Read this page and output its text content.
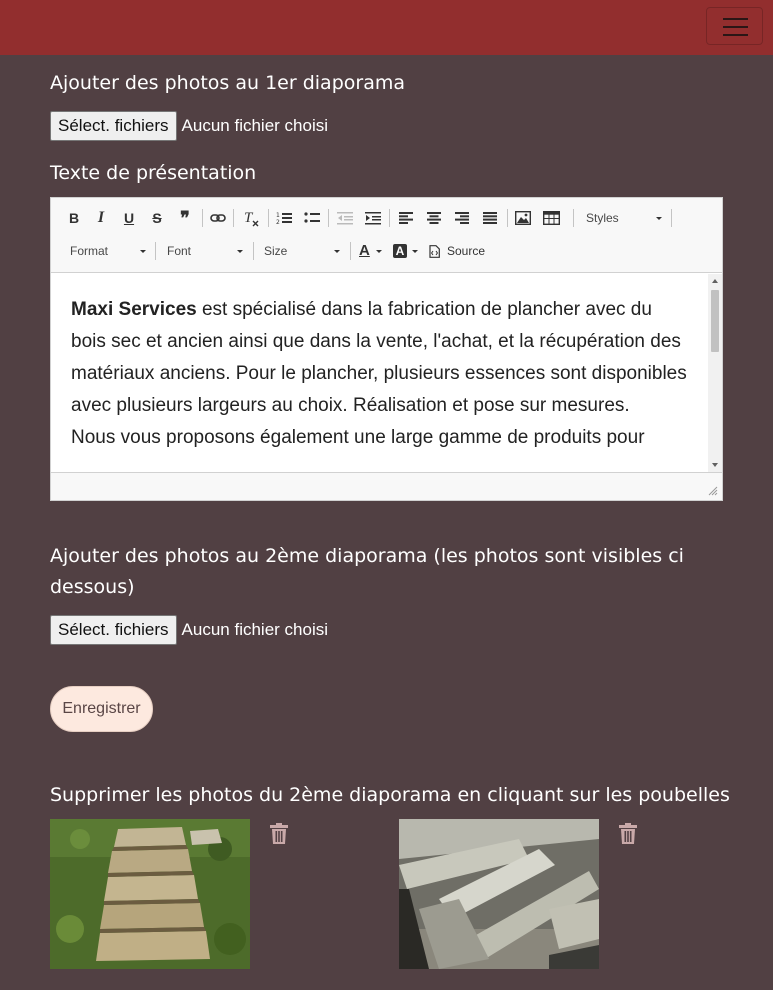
Ajouter des photos au 1er diaporama
Sélect. fichiers Aucun fichier choisi
Texte de présentation
B	I	U	S ❞	T	1
2	Styles
Format	Font	Size	A	A	Source

Maxi Services est spécialisé dans la fabrication de plancher avec du bois sec et ancien ainsi que dans la vente, l'achat, et la récupération des matériaux anciens. Pour le plancher, plusieurs essences sont disponibles avec plusieurs largeurs au choix. Réalisation et pose sur mesures.

Nous vous proposons également une large gamme de produits pour

Ajouter des photos au 2ème diaporama (les photos sont visibles ci dessous)
Sélect. fichiers Aucun fichier choisi
Enregistrer
Supprimer les photos du 2ème diaporama en cliquant sur les poubelles
